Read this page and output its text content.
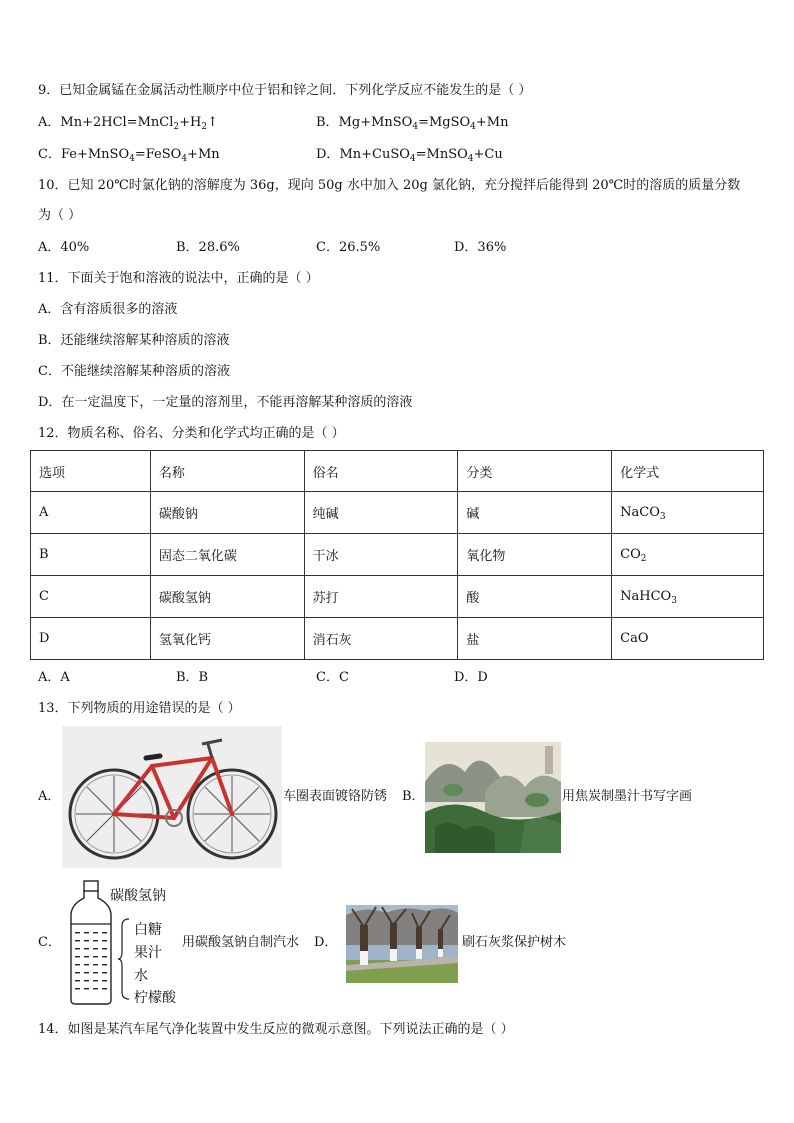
9．已知金属锰在金属活动性顺序中位于铝和锌之间．下列化学反应不能发生的是（ ）
A．$Mn+2HCl=MnCl_2+H_2↑$	B．Mg+MnSO$_4$=MgSO$_4$+Mn
C．Fe+MnSO$_4$=FeSO$_4$+Mn	D．Mn+CuSO$_4$=MnSO$_4$+Cu
10．已知 20℃时氯化钠的溶解度为 36g，现向 50g 水中加入 20g 氯化钠，充分搅拌后能得到 20℃时的溶质的质量分数
为（ ）
A．40%	B．28.6%	C．26.5%	D．36%
11．下面关于饱和溶液的说法中，正确的是（ ）
A．含有溶质很多的溶液
B．还能继续溶解某种溶质的溶液
C．不能继续溶解某种溶质的溶液
D．在一定温度下，一定量的溶剂里，不能再溶解某种溶质的溶液
12．物质名称、俗名、分类和化学式均正确的是（ ）
选项	名称	俗名	分类	化学式
A	碳酸钠	纯碱	碱	NaCO$_3$
B	固态二氧化碳	干冰	氧化物	$CO_2$
C	碳酸氢钠	苏打	酸	NaHCO$_3$
D	氢氧化钙	消石灰	盐	CaO
A．A	B．B	C．C	D．D
13．下列物质的用途错误的是（ ）
A．	车圈表面镀铬防锈 B．	用焦炭制墨汁书写字画
C．
碳酸氢钠
白糖
果汁
水
柠檬酸
用碳酸氢钠自制汽水 D．	刷石灰浆保护树木
14．如图是某汽车尾气净化装置中发生反应的微观示意图。下列说法正确的是（ ）
